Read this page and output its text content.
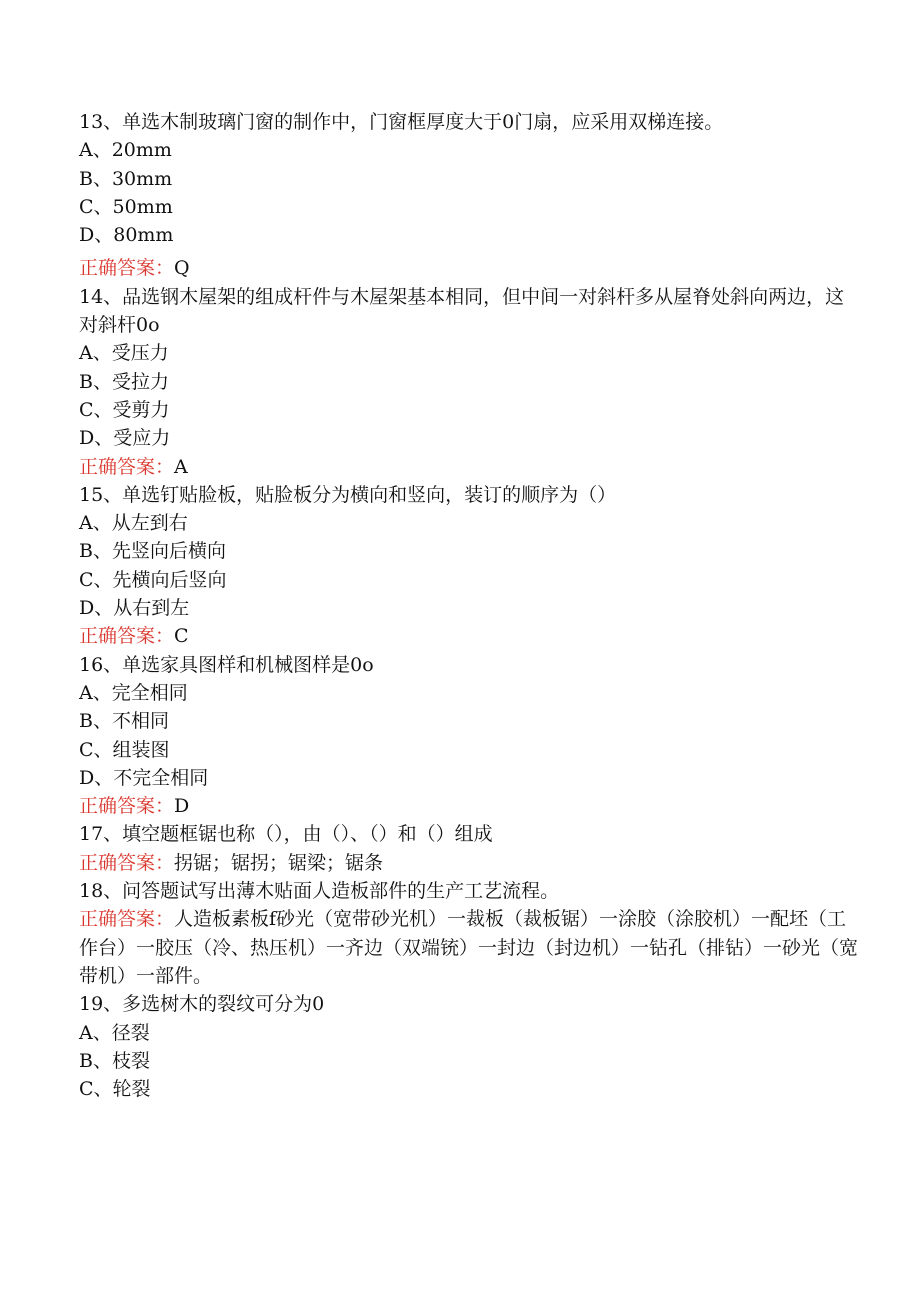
13、单选木制玻璃门窗的制作中，门窗框厚度大于0门扇，应采用双梯连接。
A、20mm
B、30mm
C、50mm
D、80mm
正确答案：Q
14、品选钢木屋架的组成杆件与木屋架基本相同，但中间一对斜杆多从屋脊处斜向两边，这对斜杆0o
A、受压力
B、受拉力
C、受剪力
D、受应力
正确答案：A
15、单选钉贴脸板，贴脸板分为横向和竖向，装订的顺序为（）
A、从左到右
B、先竖向后横向
C、先横向后竖向
D、从右到左
正确答案：C
16、单选家具图样和机械图样是0o
A、完全相同
B、不相同
C、组装图
D、不完全相同
正确答案：D
17、填空题框锯也称（），由（）、（）和（）组成
正确答案：拐锯；锯拐；锯梁；锯条
18、问答题试写出薄木贴面人造板部件的生产工艺流程。
正确答案：人造板素板f砂光（宽带砂光机）一裁板（裁板锯）一涂胶（涂胶机）一配坯（工作台）一胶压（冷、热压机）一齐边（双端铳）一封边（封边机）一钻孔（排钻）一砂光（宽带机）一部件。
19、多选树木的裂纹可分为0
A、径裂
B、枝裂
C、轮裂
